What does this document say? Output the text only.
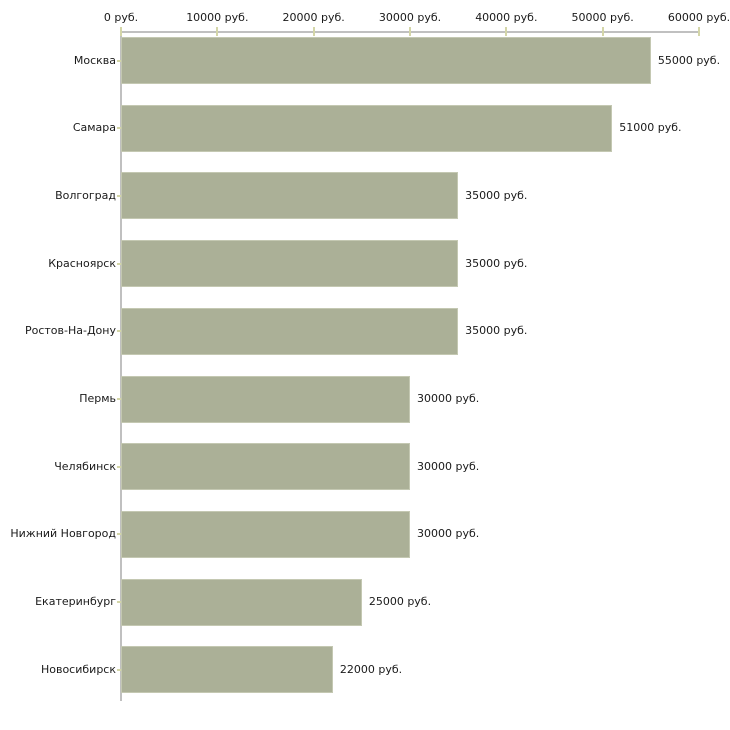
0 руб.	10000 руб.	20000 руб.	30000 руб.	40000 руб.	50000 руб.	60000 руб.
Москва	55000 руб.
Самара	51000 руб.
Волгоград	35000 руб.
Красноярск	35000 руб.
Ростов-На-Дону	35000 руб.
Пермь	30000 руб.
Челябинск	30000 руб.
Нижний Новгород	30000 руб.
Екатеринбург	25000 руб.
Новосибирск	22000 руб.
